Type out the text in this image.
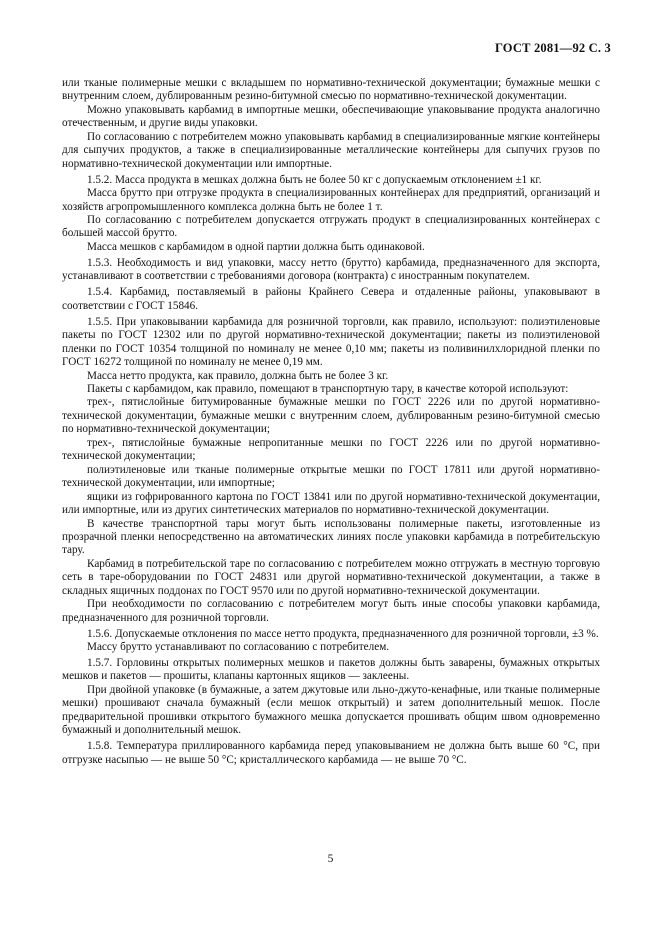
ГОСТ 2081—92 С. 3

или тканые полимерные мешки с вкладышем по нормативно-технической документации; бумажные мешки с внутренним слоем, дублированным резино-битумной смесью по нормативно-технической документации.

Можно упаковывать карбамид в импортные мешки, обеспечивающие упаковывание продукта аналогично отечественным, и другие виды упаковки.

По согласованию с потребителем можно упаковывать карбамид в специализированные мягкие контейнеры для сыпучих продуктов, а также в специализированные металлические контейнеры для сыпучих грузов по нормативно-технической документации или импортные.

1.5.2. Масса продукта в мешках должна быть не более 50 кг с допускаемым отклонением ±1 кг.

Масса брутто при отгрузке продукта в специализированных контейнерах для предприятий, организаций и хозяйств агропромышленного комплекса должна быть не более 1 т.

По согласованию с потребителем допускается отгружать продукт в специализированных контейнерах с большей массой брутто.

Масса мешков с карбамидом в одной партии должна быть одинаковой.

1.5.3. Необходимость и вид упаковки, массу нетто (брутто) карбамида, предназначенного для экспорта, устанавливают в соответствии с требованиями договора (контракта) с иностранным покупателем.

1.5.4. Карбамид, поставляемый в районы Крайнего Севера и отдаленные районы, упаковывают в соответствии с ГОСТ 15846.

1.5.5. При упаковывании карбамида для розничной торговли, как правило, используют: полиэтиленовые пакеты по ГОСТ 12302 или по другой нормативно-технической документации; пакеты из полиэтиленовой пленки по ГОСТ 10354 толщиной по номиналу не менее 0,10 мм; пакеты из поливинилхлоридной пленки по ГОСТ 16272 толщиной по номиналу не менее 0,19 мм.

Масса нетто продукта, как правило, должна быть не более 3 кг.

Пакеты с карбамидом, как правило, помещают в транспортную тару, в качестве которой используют:

трех-, пятислойные битумированные бумажные мешки по ГОСТ 2226 или по другой нормативно-технической документации, бумажные мешки с внутренним слоем, дублированным резино-битумной смесью по нормативно-технической документации;

трех-, пятислойные бумажные непропитанные мешки по ГОСТ 2226 или по другой нормативно-технической документации;

полиэтиленовые или тканые полимерные открытые мешки по ГОСТ 17811 или другой нормативно-технической документации, или импортные;

ящики из гофрированного картона по ГОСТ 13841 или по другой нормативно-технической документации, или импортные, или из других синтетических материалов по нормативно-технической документации.

В качестве транспортной тары могут быть использованы полимерные пакеты, изготовленные из прозрачной пленки непосредственно на автоматических линиях после упаковки карбамида в потребительскую тару.

Карбамид в потребительской таре по согласованию с потребителем можно отгружать в местную торговую сеть в таре-оборудовании по ГОСТ 24831 или другой нормативно-технической документации, а также в складных ящичных поддонах по ГОСТ 9570 или по другой нормативно-технической документации.

При необходимости по согласованию с потребителем могут быть иные способы упаковки карбамида, предназначенного для розничной торговли.

1.5.6. Допускаемые отклонения по массе нетто продукта, предназначенного для розничной торговли, ±3 %.

Массу брутто устанавливают по согласованию с потребителем.

1.5.7. Горловины открытых полимерных мешков и пакетов должны быть заварены, бумажных открытых мешков и пакетов — прошиты, клапаны картонных ящиков — заклеены.

При двойной упаковке (в бумажные, а затем джутовые или льно-джуто-кенафные, или тканые полимерные мешки) прошивают сначала бумажный (если мешок открытый) и затем дополнительный мешок. После предварительной прошивки открытого бумажного мешка допускается прошивать общим швом одновременно бумажный и дополнительный мешок.

1.5.8. Температура приллированного карбамида перед упаковыванием не должна быть выше 60 °С, при отгрузке насыпью — не выше 50 °С; кристаллического карбамида — не выше 70 °С.

5
